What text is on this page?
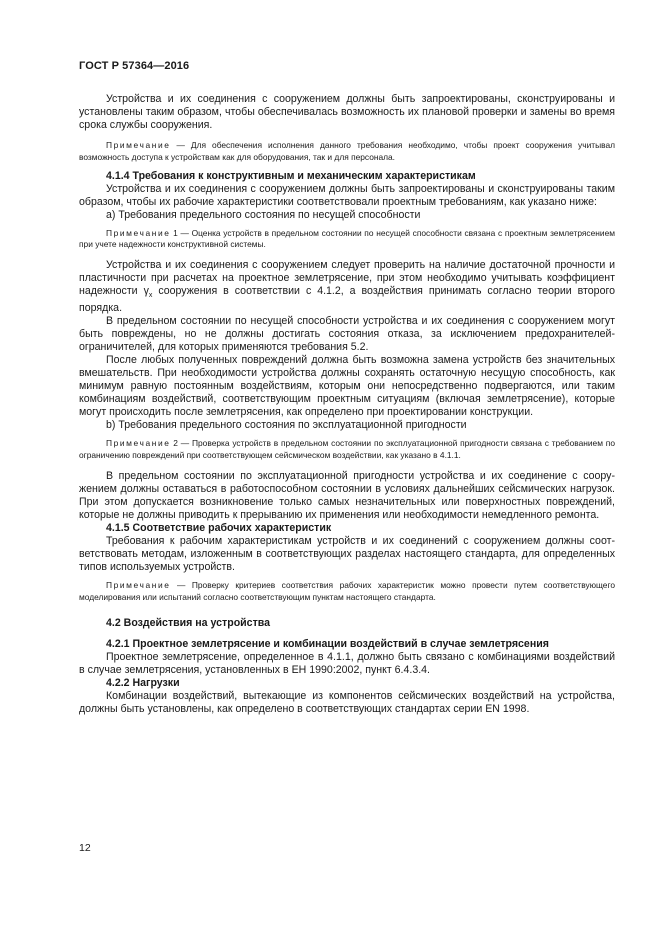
ГОСТ Р 57364—2016

Устройства и их соединения с сооружением должны быть запроектированы, сконструированы и установлены таким образом, чтобы обеспечивалась возможность их плановой проверки и замены во время срока службы сооружения.

Примечание — Для обеспечения исполнения данного требования необходимо, чтобы проект сооружения учитывал возможность доступа к устройствам как для оборудования, так и для персонала.

4.1.4 Требования к конструктивным и механическим характеристикам

Устройства и их соединения с сооружением должны быть запроектированы и сконструированы таким образом, чтобы их рабочие характеристики соответствовали проектным требованиям, как указано ниже:

a) Требования предельного состояния по несущей способности

Примечание 1 — Оценка устройств в предельном состоянии по несущей способности связана с проектным землетрясением при учете надежности конструктивной системы.

Устройства и их соединения с сооружением следует проверить на наличие достаточной прочности и пластичности при расчетах на проектное землетрясение, при этом необходимо учитывать коэффициент надежности $\gamma_x$ сооружения в соответствии с 4.1.2, а воздействия принимать согласно теории второго порядка.

В предельном состоянии по несущей способности устройства и их соединения с сооружением могут быть повреждены, но не должны достигать состояния отказа, за исключением предохранителей-ограничителей, для которых применяются требования 5.2.

После любых полученных повреждений должна быть возможна замена устройств без значительных вмешательств. При необходимости устройства должны сохранять остаточную несущую способность, как минимум равную постоянным воздействиям, которым они непосредственно подвергаются, или таким комбинациям воздействий, соответствующим проектным ситуациям (включая землетрясение), которые могут происходить после землетрясения, как определено при проектировании конструкции.

b) Требования предельного состояния по эксплуатационной пригодности

Примечание 2 — Проверка устройств в предельном состоянии по эксплуатационной пригодности связана с требованием по ограничению повреждений при соответствующем сейсмическом воздействии, как указано в 4.1.1.

В предельном состоянии по эксплуатационной пригодности устройства и их соединение с сооружением должны оставаться в работоспособном состоянии в условиях дальнейших сейсмических нагрузок. При этом допускается возникновение только самых незначительных или поверхностных повреждений, которые не должны приводить к прерыванию их применения или необходимости немедленного ремонта.

4.1.5 Соответствие рабочих характеристик

Требования к рабочим характеристикам устройств и их соединений с сооружением должны соответствовать методам, изложенным в соответствующих разделах настоящего стандарта, для определенных типов используемых устройств.

Примечание — Проверку критериев соответствия рабочих характеристик можно провести путем соответствующего моделирования или испытаний согласно соответствующим пунктам настоящего стандарта.

4.2 Воздействия на устройства

4.2.1 Проектное землетрясение и комбинации воздействий в случае землетрясения

Проектное землетрясение, определенное в 4.1.1, должно быть связано с комбинациями воздействий в случае землетрясения, установленных в ЕН 1990:2002, пункт 6.4.3.4.

4.2.2 Нагрузки

Комбинации воздействий, вытекающие из компонентов сейсмических воздействий на устройства, должны быть установлены, как определено в соответствующих стандартах серии EN 1998.

12
